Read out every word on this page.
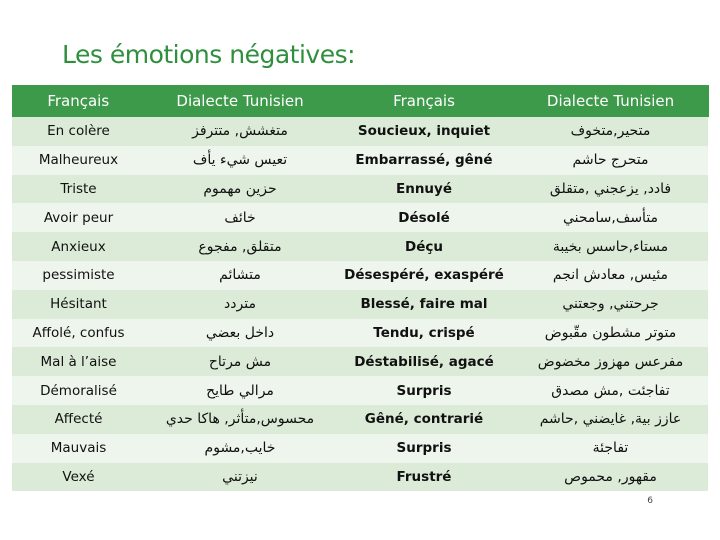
Les émotions négatives:
Français	Dialecte Tunisien	Français	Dialecte Tunisien
En colère	متغشش, متترفز	Soucieux, inquiet	متحير,متخوف
Malheureux	تعيس شيء يأف	Embarrassé, gêné	متحرج حاشم
Triste	حزين مهموم	Ennuyé	فادد, يزعجني ,متقلق
Avoir peur	خائف	Désolé	متأسف,سامحني
Anxieux	متقلق, مفجوع	Déçu	مستاء,حاسس بخيبة
pessimiste	متشائم	Désespéré, exaspéré	مئيس, معادش انجم
Hésitant	متردد	Blessé, faire mal	جرحتني, وجعتني
Affolé, confus	داخل بعضي	Tendu, crispé	متوتر مشطون مقّبوض
Mal à l’aise	مش مرتاح	Déstabilisé, agacé	مفرعس مهزوز مخضوض
Démoralisé	مرالي طايح	Surpris	تفاجئت ,مش مصدق
Affecté	محسوس,متأثر, هاكا حدي	Gêné, contrarié	عازز بية, غايضني ,حاشم
Mauvais	خايب,مشوم	Surpris	تفاجئة
Vexé	نيزتني	Frustré	مقهور, محموص
6
